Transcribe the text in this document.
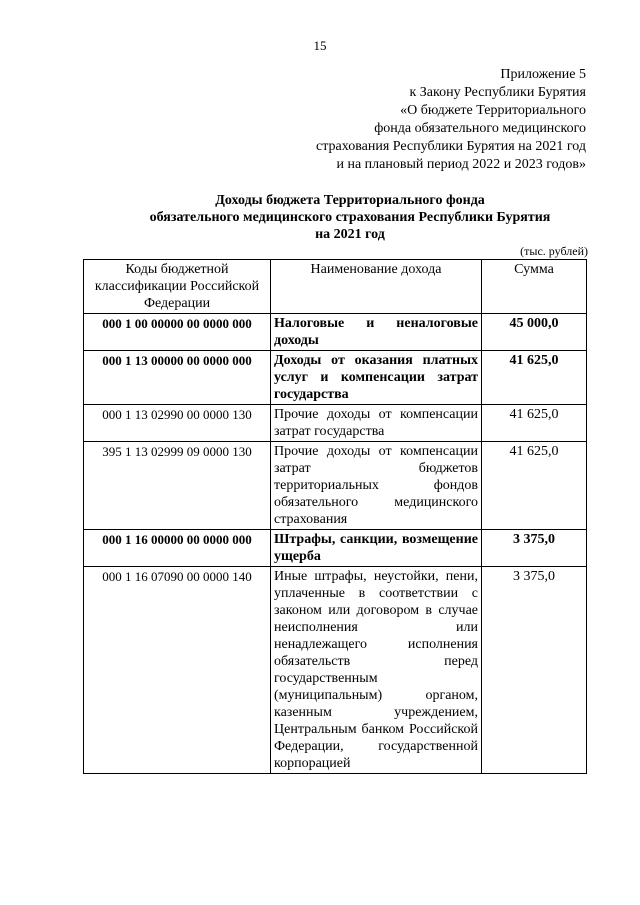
15
Приложение 5
к Закону Республики Бурятия
«О бюджете Территориального
фонда обязательного медицинского
страхования Республики Бурятия на 2021 год
и на плановый период 2022 и 2023 годов»
Доходы бюджета Территориального фонда
обязательного медицинского страхования Республики Бурятия
на 2021 год
(тыс. рублей)
Коды бюджетной классификации Российской Федерации	Наименование дохода	Сумма
000 1 00 00000 00 0000 000	Налоговые и неналоговые доходы	45 000,0
000 1 13 00000 00 0000 000	Доходы от оказания платных услуг и компенсации затрат государства	41 625,0
000 1 13 02990 00 0000 130	Прочие доходы от компенсации затрат государства	41 625,0
395 1 13 02999 09 0000 130	Прочие доходы от компенсации затрат бюджетов территориальных фондов обязательного медицинского страхования	41 625,0
000 1 16 00000 00 0000 000	Штрафы, санкции, возмещение ущерба	3 375,0
000 1 16 07090 00 0000 140	Иные штрафы, неустойки, пени, уплаченные в соответствии с законом или договором в случае неисполнения или ненадлежащего исполнения обязательств перед государственным (муниципальным) органом, казенным учреждением, Центральным банком Российской Федерации, государственной корпорацией	3 375,0
